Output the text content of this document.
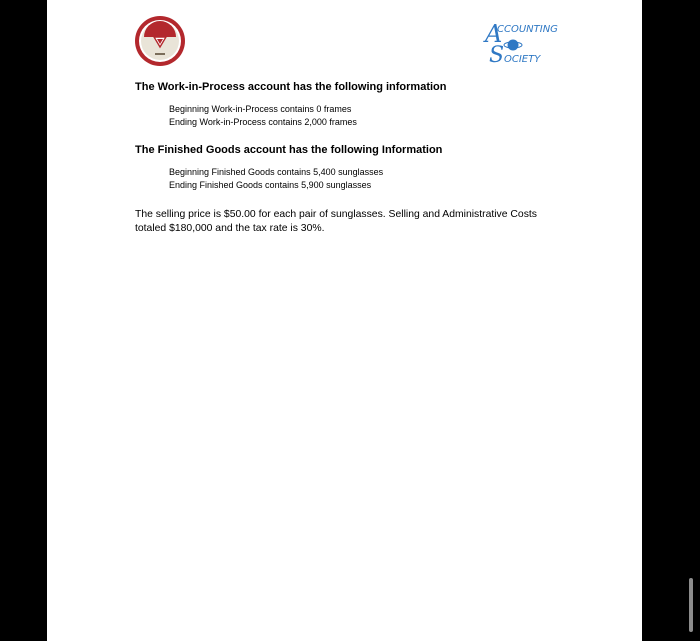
A
CCOUNTING
S OCIETY
The Work-in-Process account has the following information
Beginning Work-in-Process contains 0 frames
Ending Work-in-Process contains 2,000 frames
The Finished Goods account has the following Information
Beginning Finished Goods contains 5,400 sunglasses
Ending Finished Goods contains 5,900 sunglasses
The selling price is $50.00 for each pair of sunglasses. Selling and Administrative Costs totaled $180,000 and the tax rate is 30%.
